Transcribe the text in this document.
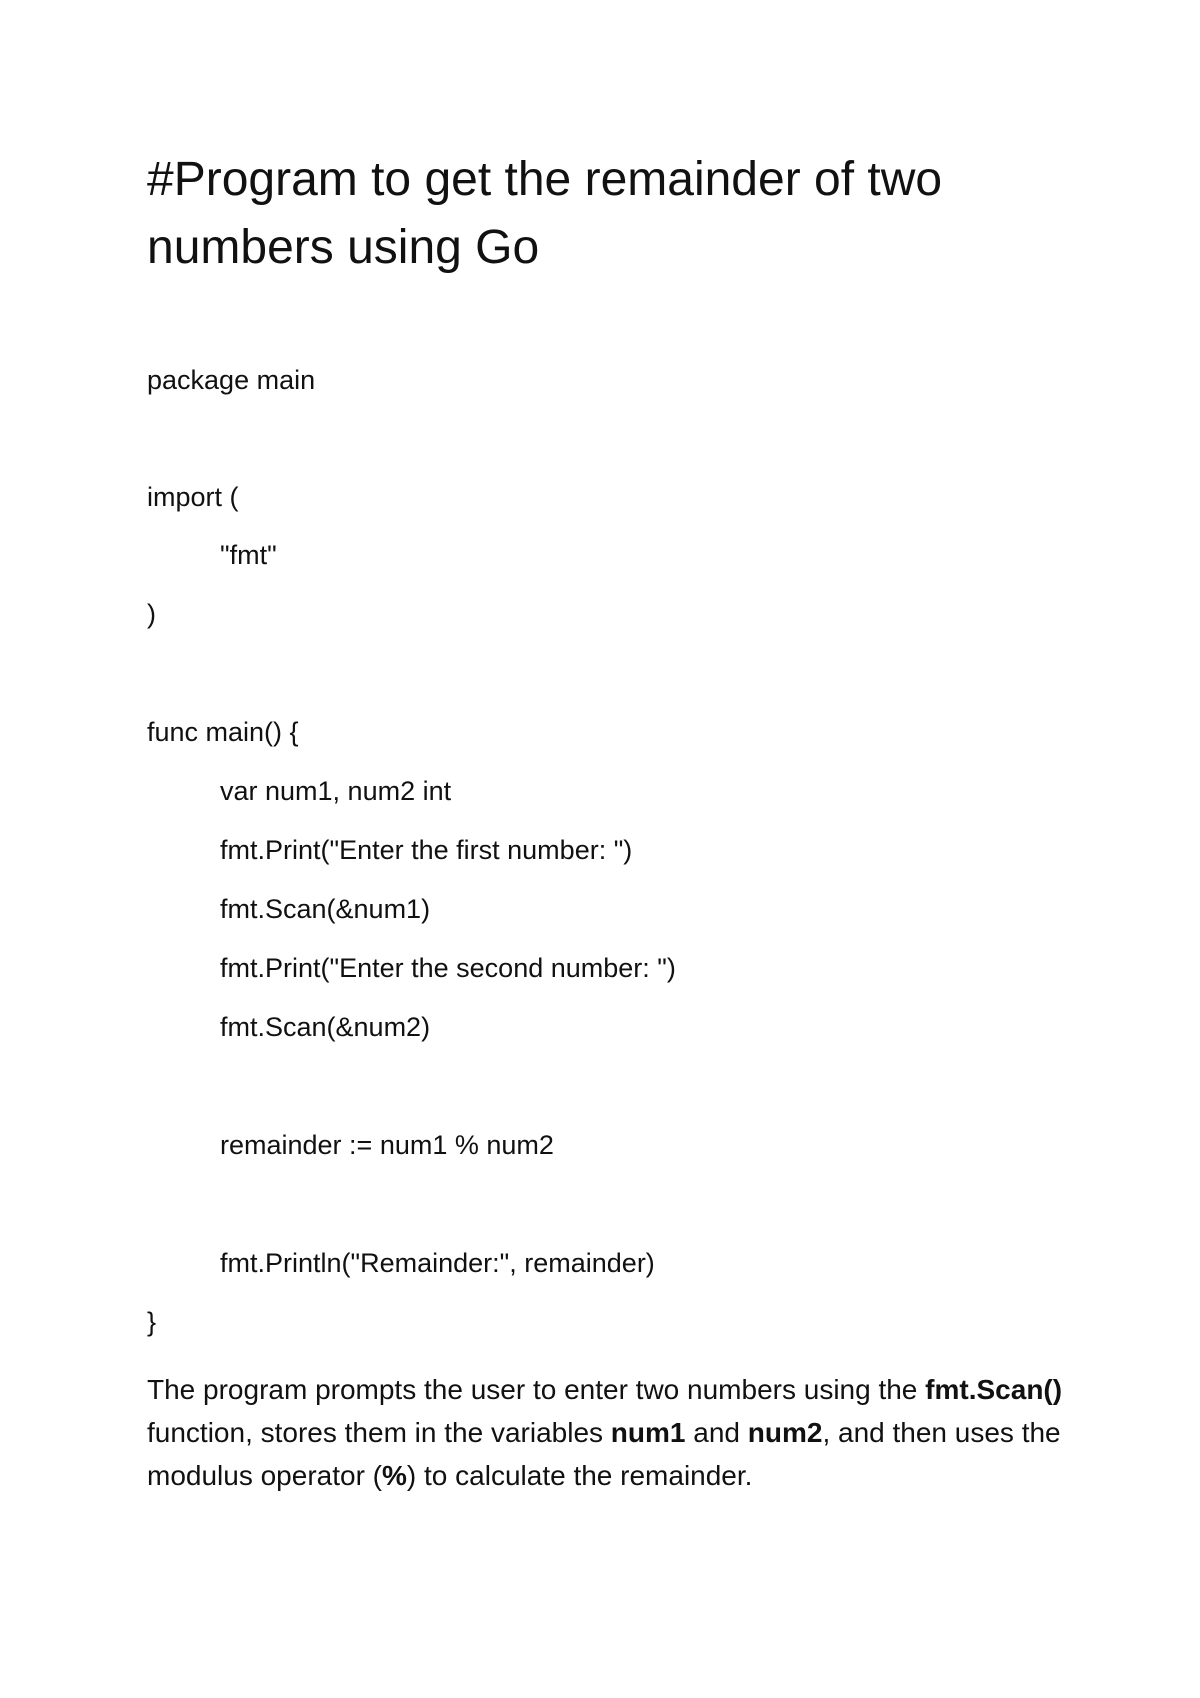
#Program to get the remainder of two numbers using Go
package main
import (
"fmt"
)
func main() {
var num1, num2 int
fmt.Print("Enter the first number: ")
fmt.Scan(&num1)
fmt.Print("Enter the second number: ")
fmt.Scan(&num2)
remainder := num1 % num2
fmt.Println("Remainder:", remainder)
}

The program prompts the user to enter two numbers using the fmt.Scan() function, stores them in the variables num1 and num2, and then uses the modulus operator (%) to calculate the remainder.
